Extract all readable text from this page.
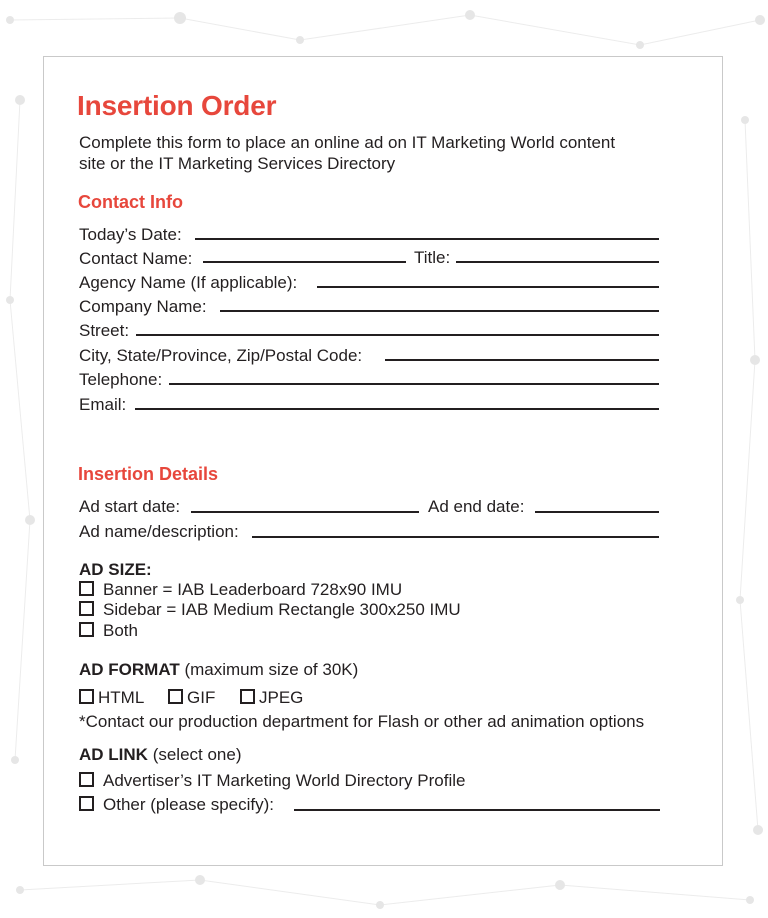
Insertion Order
Complete this form to place an online ad on IT Marketing World content
site or the IT Marketing Services Directory
Contact Info
Today’s Date:
Contact Name:	Title:
Agency Name (If applicable):
Company Name:
Street:
City, State/Province, Zip/Postal Code:
Telephone:
Email:
Insertion Details
Ad start date:	Ad end date:
Ad name/description:
AD SIZE:
Banner = IAB Leaderboard 728x90 IMU
Sidebar = IAB Medium Rectangle 300x250 IMU
Both
AD FORMAT (maximum size of 30K)
HTML	GIF	JPEG
*Contact our production department for Flash or other ad animation options
AD LINK (select one)
Advertiser’s IT Marketing World Directory Profile
Other (please specify):
